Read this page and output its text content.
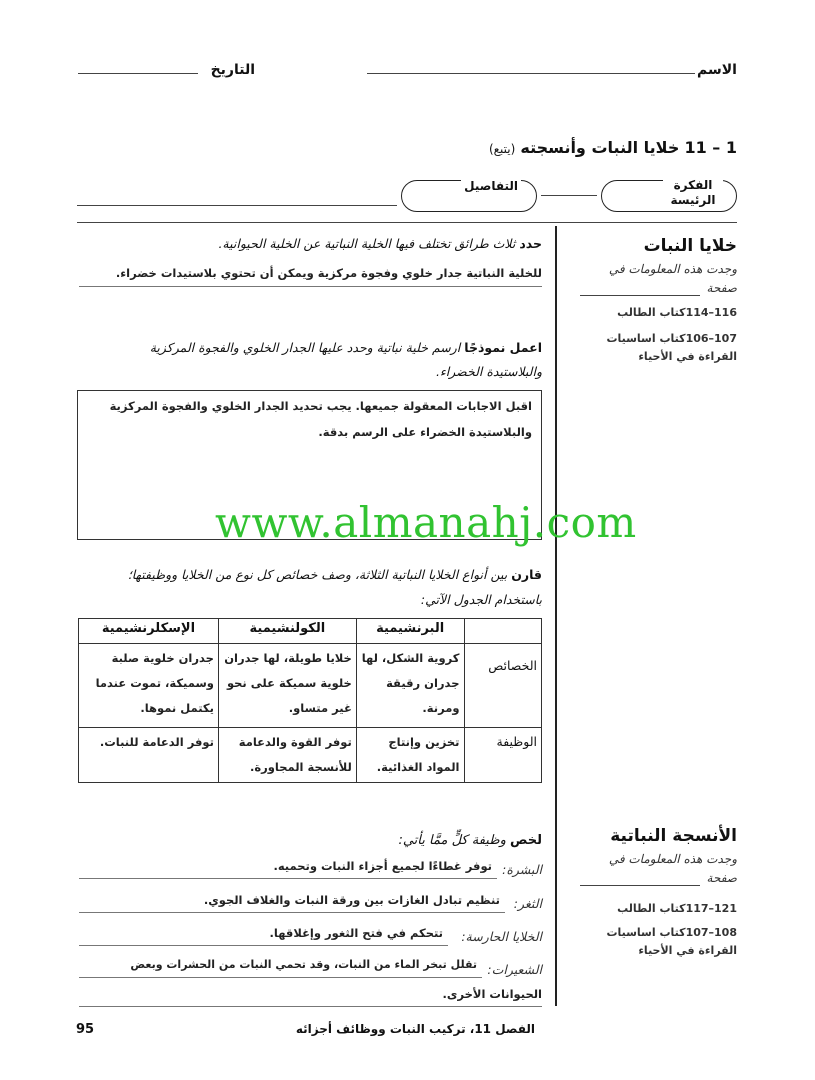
الاسم
التاريخ
1 – 11 خلايا النبات وأنسجته (يتبع)
الفكرة الرئيسة
التفاصيل
خلايا النبات
وجدت هذه المعلومات في
صفحة
116–114كتاب الطالب
107–106كتاب اساسيات
القراءة في الأحياء
حدد ثلاث طرائق تختلف فيها الخلية النباتية عن الخلية الحيوانية.
للخلية النباتية جدار خلوي وفجوة مركزية ويمكن أن تحتوي بلاستيدات خضراء.
اعمل نموذجًا ارسم خلية نباتية وحدد عليها الجدار الخلوي والفجوة المركزية
والبلاستيدة الخضراء.
اقبل الاجابات المعقولة جميعها. يجب تحديد الجدار الخلوي والفجوة المركزية
والبلاستيدة الخضراء على الرسم بدقة.
www.almanahj.com
قارن بين أنواع الخلايا النباتية الثلاثة، وصف خصائص كل نوع من الخلايا ووظيفتها؛
باستخدام الجدول الآتي:
	البرنشيمية	الكولنشيمية	الإسكلرنشيمية
الخصائص	كروية الشكل، لها جدران رقيقة ومرنة.	خلايا طويلة، لها جدران خلوية سميكة على نحو غير متساو.	جدران خلوية صلبة وسميكة، تموت عندما يكتمل نموها.
الوظيفة	تخزين وإنتاج المواد الغذائية.	توفر القوة والدعامة للأنسجة المجاورة.	توفر الدعامة للنبات.
الأنسجة النباتية
وجدت هذه المعلومات في
صفحة
121–117كتاب الطالب
108–107كتاب اساسيات
القراءة في الأحياء
لخص وظيفة كلٍّ ممَّا يأتي:
البشرة:
توفر غطاءًا لجميع أجزاء النبات وتحميه.
الثغر:
تنظيم تبادل الغازات بين ورقة النبات والغلاف الجوي.
الخلايا الحارسة:
تتحكم في فتح الثغور وإغلاقها.
الشعيرات:
تقلل تبخر الماء من النبات، وقد تحمي النبات من الحشرات وبعض
الحيوانات الأخرى.
الفصل 11، تركيب النبات ووظائف أجزائه
95
